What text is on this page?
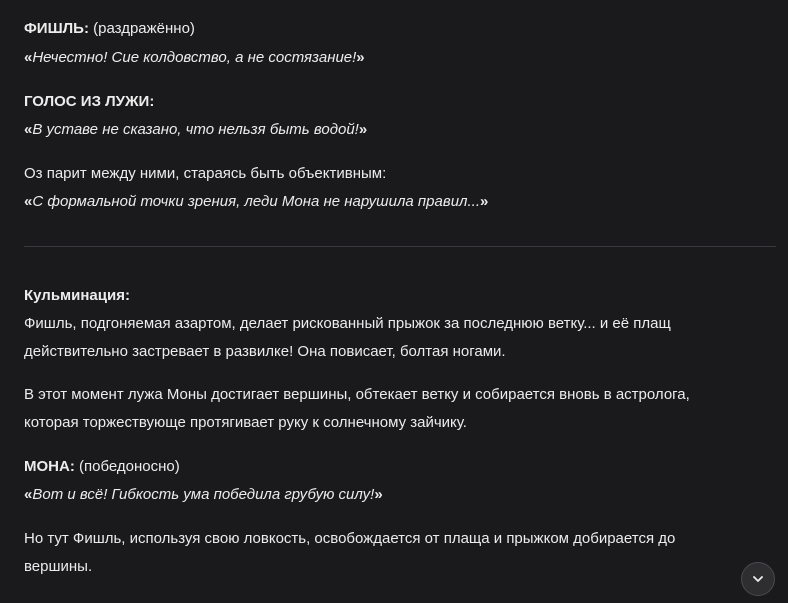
ФИШЛЬ: (раздражённо)
«Нечестно! Сие колдовство, а не состязание!»
ГОЛОС ИЗ ЛУЖИ:
«В уставе не сказано, что нельзя быть водой!»
Оз парит между ними, стараясь быть объективным:
«С формальной точки зрения, леди Мона не нарушила правил...»
Кульминация:
Фишль, подгоняемая азартом, делает рискованный прыжок за последнюю ветку... и её плащ
действительно застревает в развилке! Она повисает, болтая ногами.
В этот момент лужа Моны достигает вершины, обтекает ветку и собирается вновь в астролога,
которая торжествующе протягивает руку к солнечному зайчику.
МОНА: (победоносно)
«Вот и всё! Гибкость ума победила грубую силу!»
Но тут Фишль, используя свою ловкость, освобождается от плаща и прыжком добирается до
вершины.
